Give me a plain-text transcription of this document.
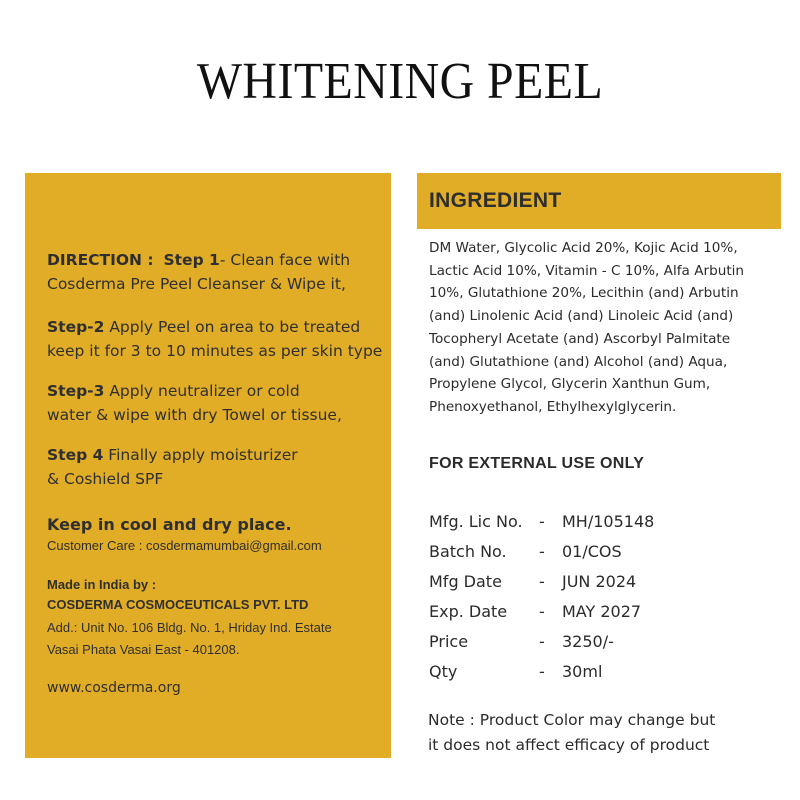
WHITENING PEEL
DIRECTION : Step 1- Clean face with
Cosderma Pre Peel Cleanser & Wipe it,
Step-2 Apply Peel on area to be treated
keep it for 3 to 10 minutes as per skin type
Step-3 Apply neutralizer or cold
water & wipe with dry Towel or tissue,
Step 4 Finally apply moisturizer
& Coshield SPF
Keep in cool and dry place.
Customer Care : cosdermamumbai@gmail.com
Made in India by :
COSDERMA COSMOCEUTICALS PVT. LTD
Add.: Unit No. 106 Bldg. No. 1, Hriday Ind. Estate
Vasai Phata Vasai East - 401208.
www.cosderma.org
INGREDIENT
DM Water, Glycolic Acid 20%, Kojic Acid 10%,
Lactic Acid 10%, Vitamin - C 10%, Alfa Arbutin
10%, Glutathione 20%, Lecithin (and) Arbutin
(and) Linolenic Acid (and) Linoleic Acid (and)
Tocopheryl Acetate (and) Ascorbyl Palmitate
(and) Glutathione (and) Alcohol (and) Aqua,
Propylene Glycol, Glycerin Xanthun Gum,
Phenoxyethanol, Ethylhexylglycerin.
FOR EXTERNAL USE ONLY
Mfg. Lic No. - MH/105148
Batch No. - 01/COS
Mfg Date - JUN 2024
Exp. Date - MAY 2027
Price	- 3250/-
Qty	- 30ml
Note : Product Color may change but
it does not affect efficacy of product
